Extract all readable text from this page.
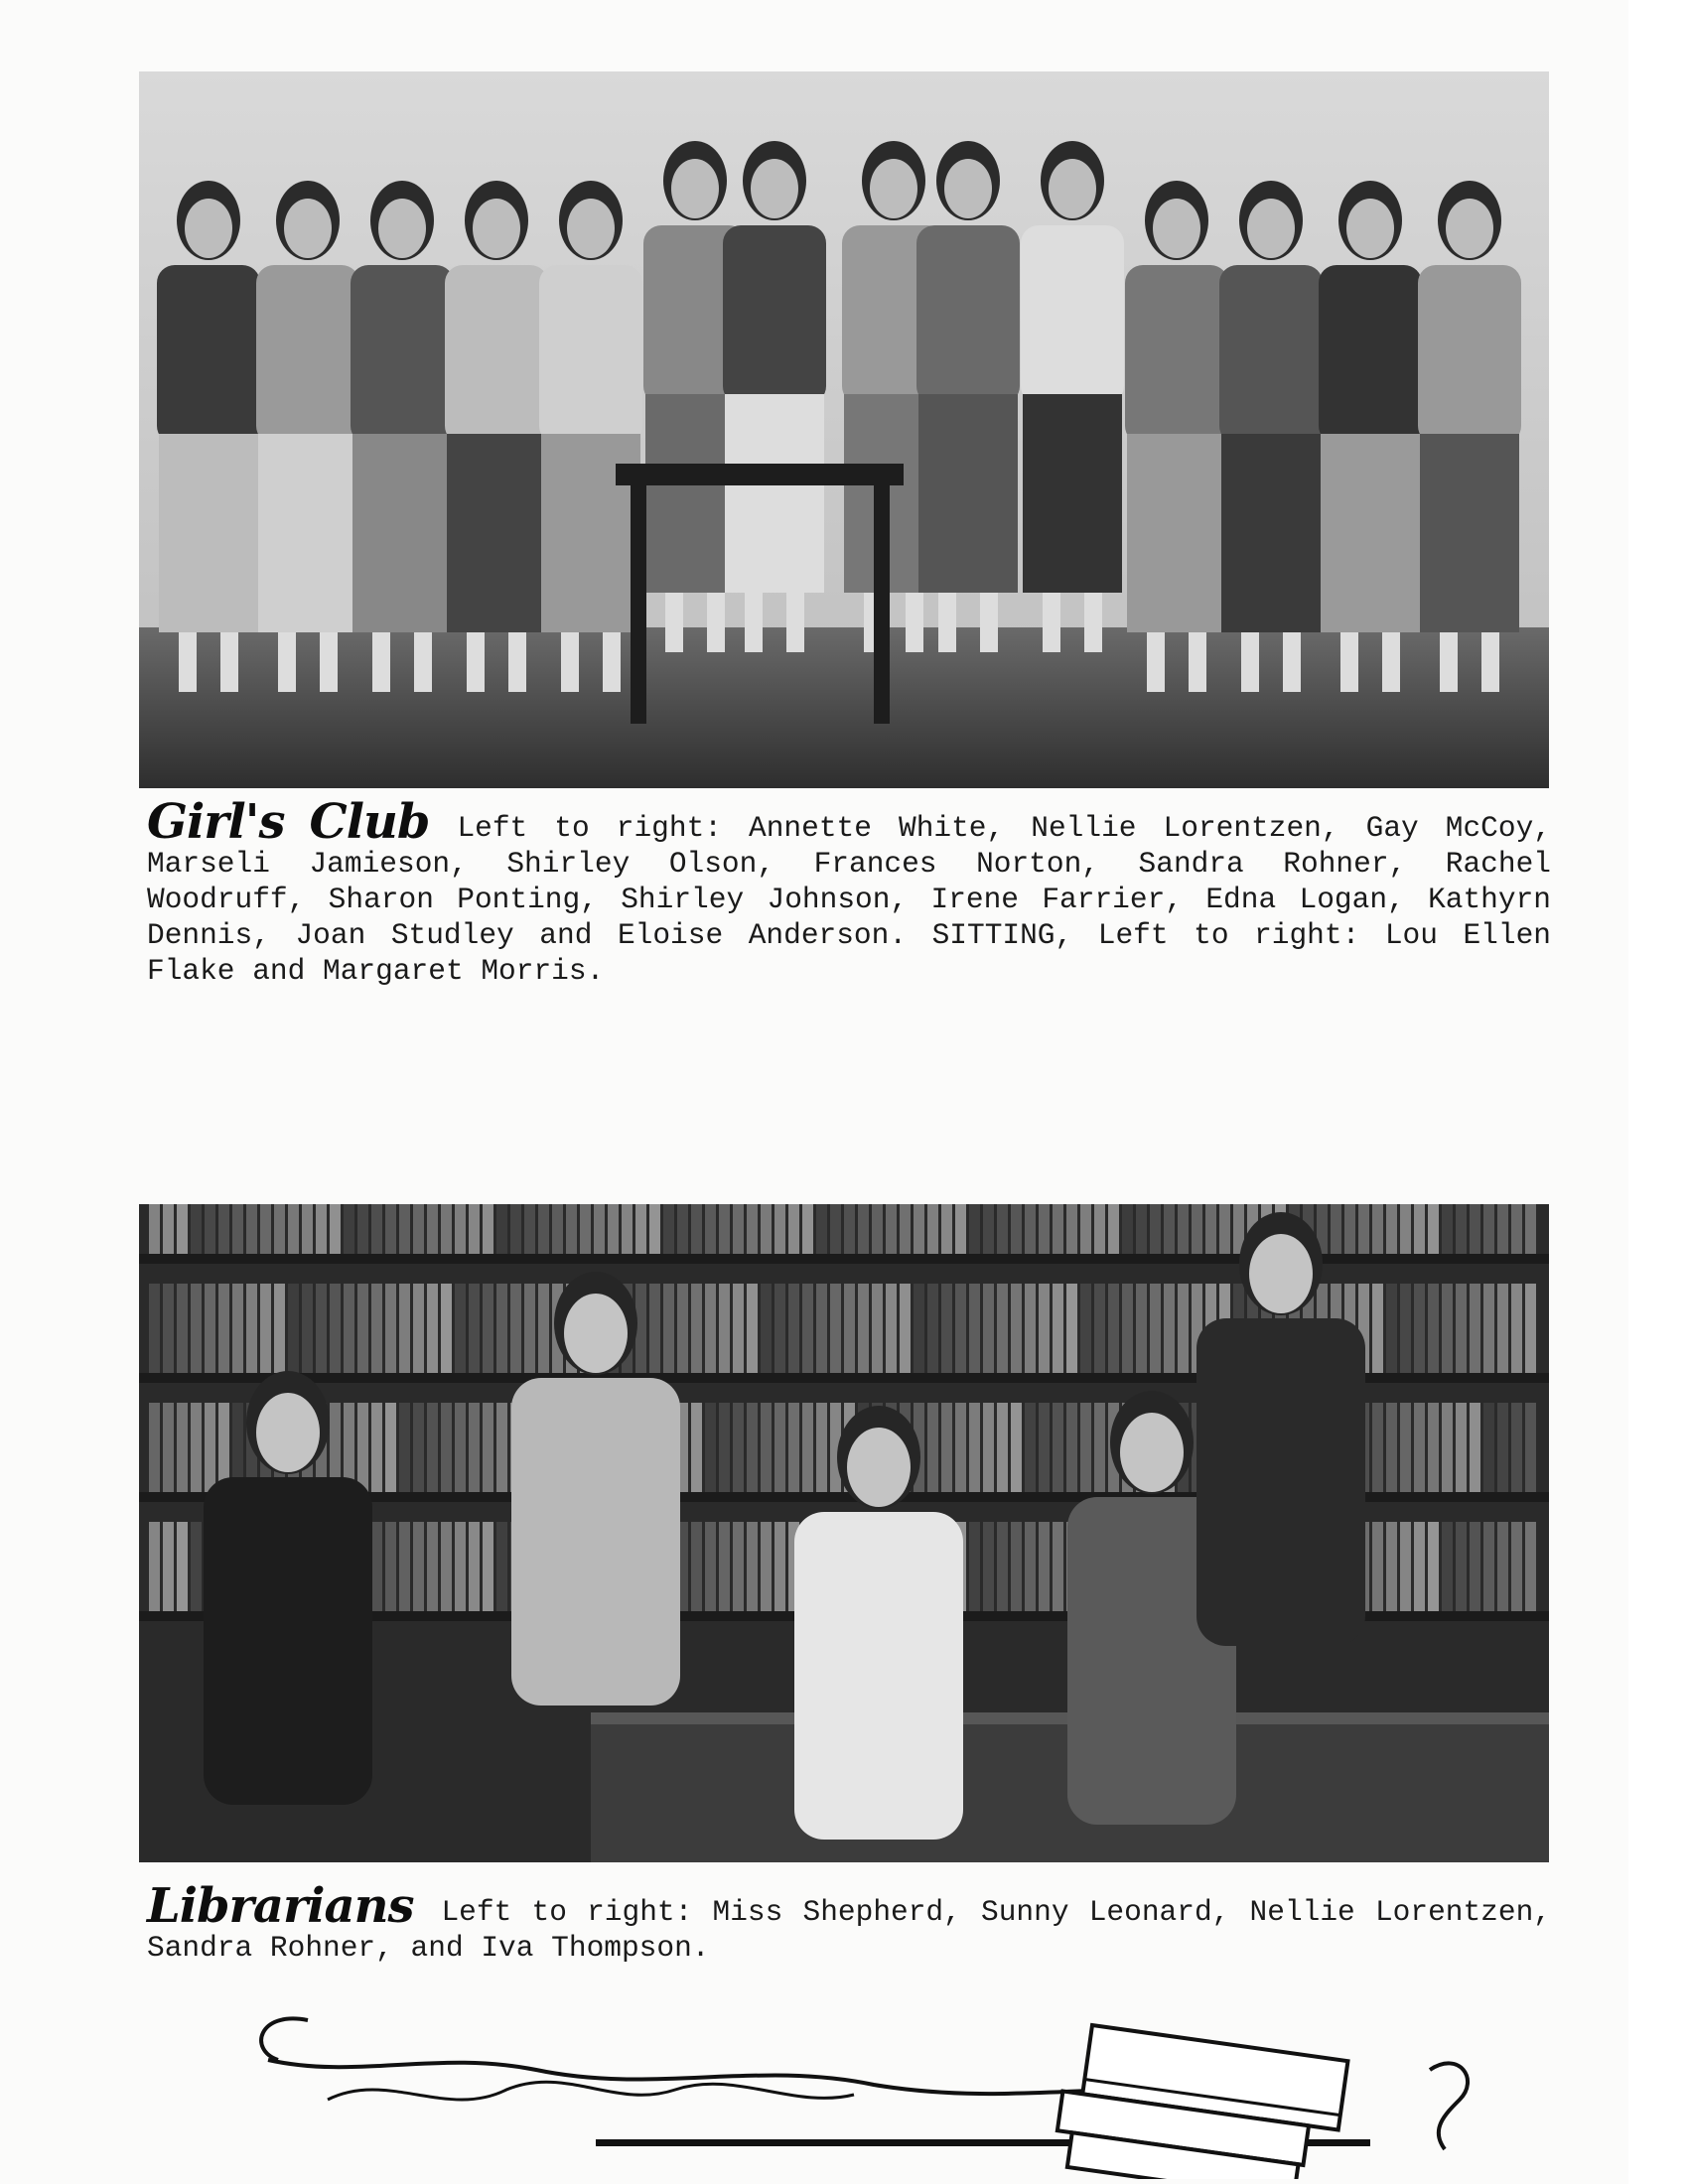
Girl's Club Left to right: Annette White, Nellie Lorentzen, Gay McCoy, Marseli Jamieson, Shirley Olson, Frances Norton, Sandra Rohner, Rachel Woodruff, Sharon Ponting, Shirley Johnson, Irene Farrier, Edna Logan, Kathyrn Dennis, Joan Studley and Eloise Anderson. SITTING, Left to right: Lou Ellen Flake and Margaret Morris.
Librarians Left to right: Miss Shepherd, Sunny Leonard, Nellie Lorentzen, Sandra Rohner, and Iva Thompson.
